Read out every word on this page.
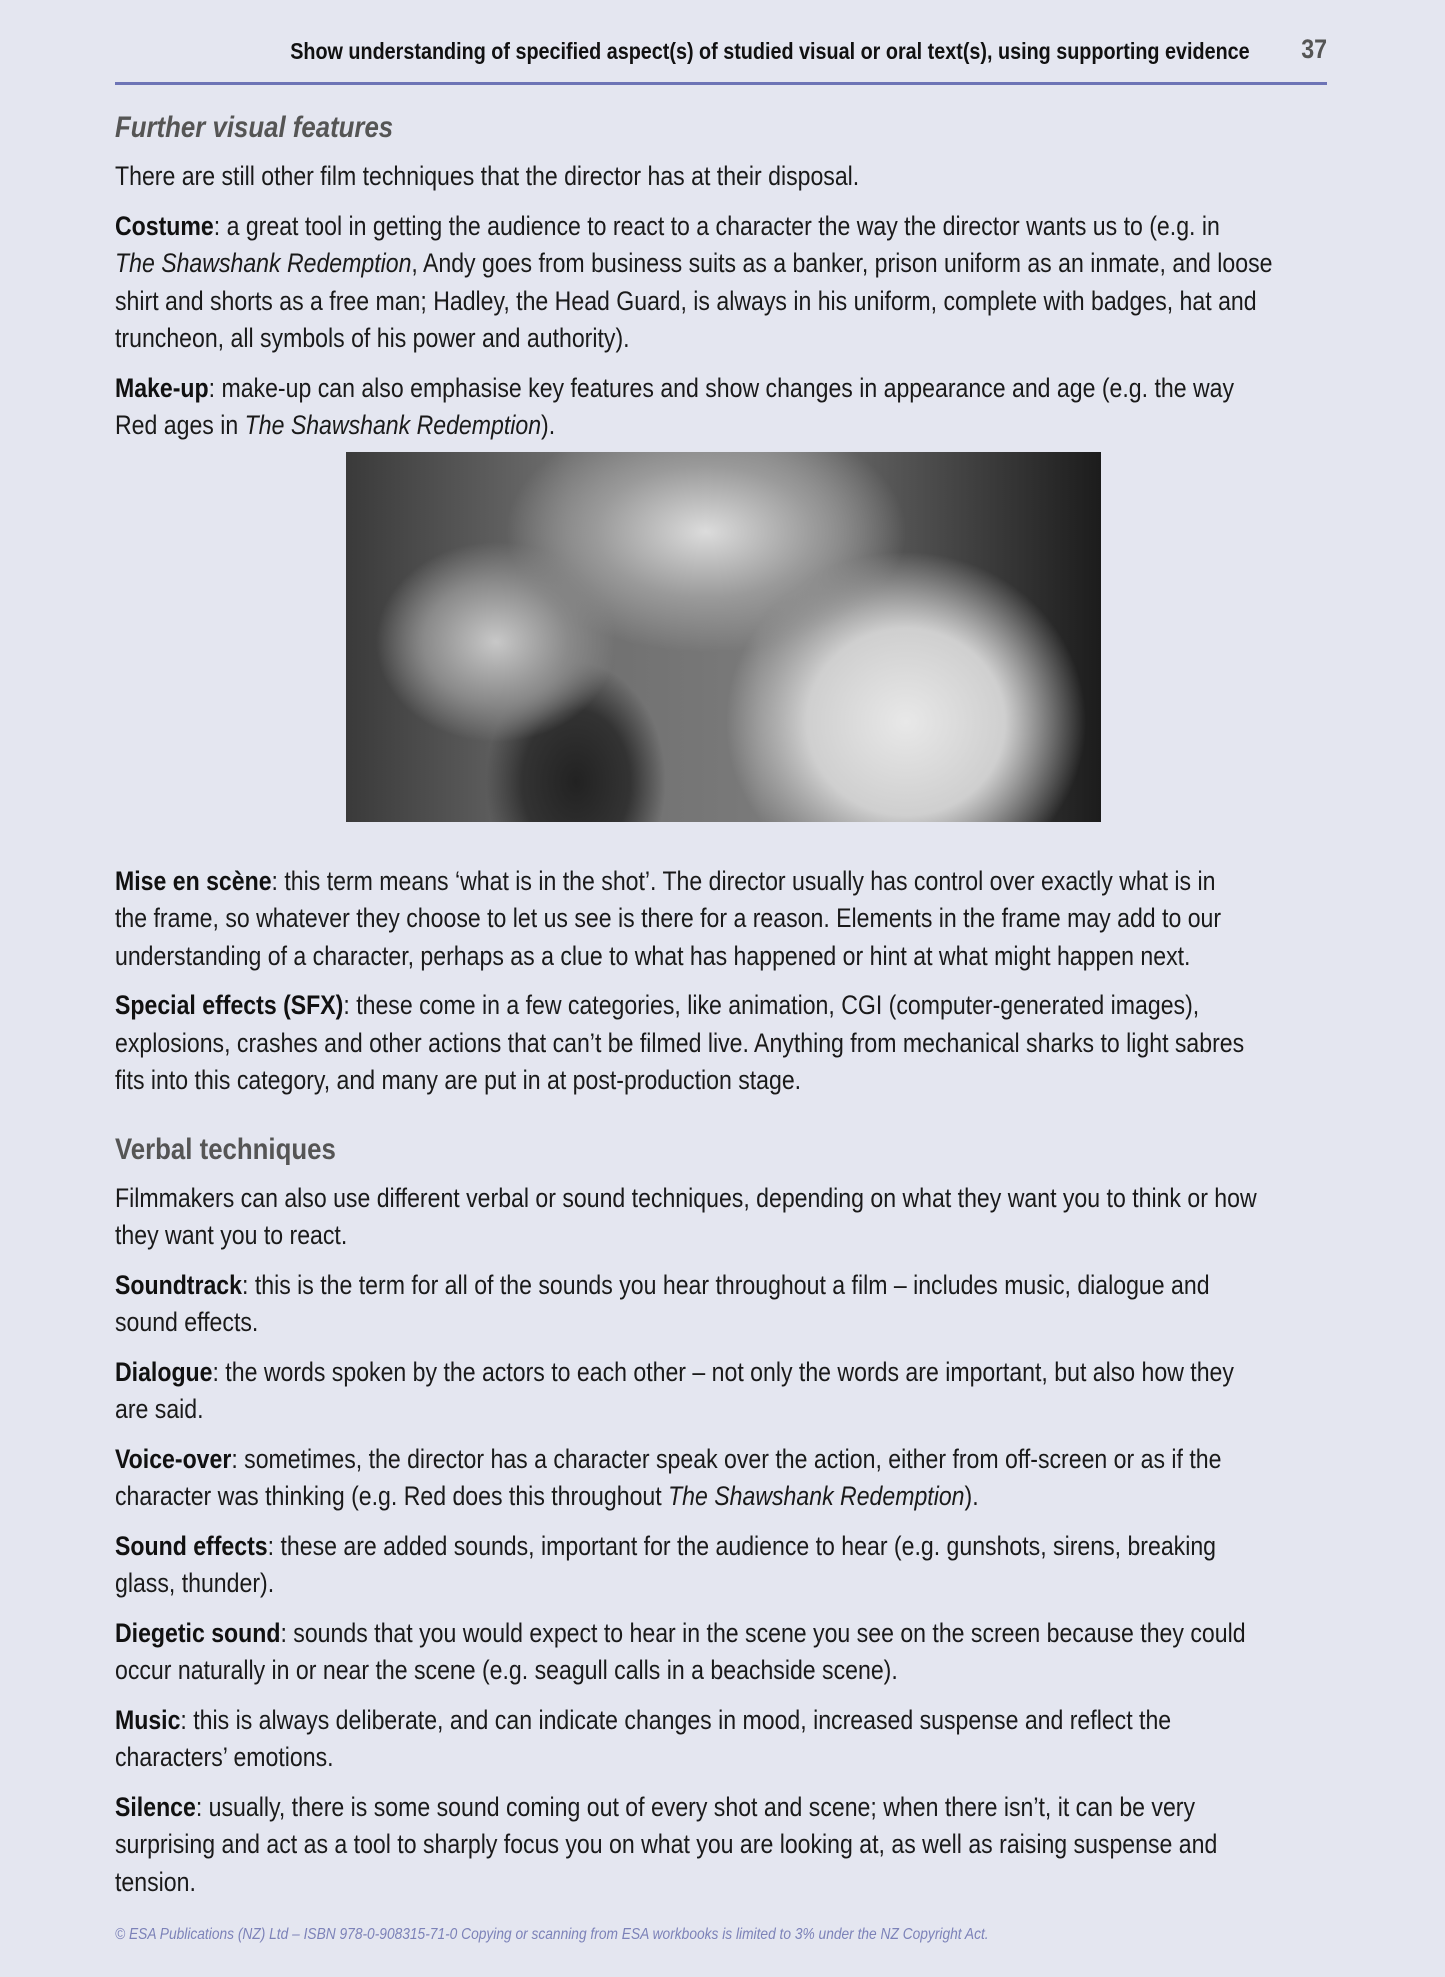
Show understanding of specified aspect(s) of studied visual or oral text(s), using supporting evidence 37
Further visual features

There are still other film techniques that the director has at their disposal.

Costume: a great tool in getting the audience to react to a character the way the director wants us to (e.g. in
The Shawshank Redemption, Andy goes from business suits as a banker, prison uniform as an inmate, and loose
shirt and shorts as a free man; Hadley, the Head Guard, is always in his uniform, complete with badges, hat and
truncheon, all symbols of his power and authority).

Make-up: make-up can also emphasise key features and show changes in appearance and age (e.g. the way
Red ages in The Shawshank Redemption).

Mise en scène: this term means ‘what is in the shot’. The director usually has control over exactly what is in
the frame, so whatever they choose to let us see is there for a reason. Elements in the frame may add to our
understanding of a character, perhaps as a clue to what has happened or hint at what might happen next.

Special effects (SFX): these come in a few categories, like animation, CGI (computer-generated images),
explosions, crashes and other actions that can’t be filmed live. Anything from mechanical sharks to light sabres
fits into this category, and many are put in at post-production stage.

Verbal techniques

Filmmakers can also use different verbal or sound techniques, depending on what they want you to think or how
they want you to react.

Soundtrack: this is the term for all of the sounds you hear throughout a film – includes music, dialogue and
sound effects.

Dialogue: the words spoken by the actors to each other – not only the words are important, but also how they
are said.

Voice-over: sometimes, the director has a character speak over the action, either from off-screen or as if the
character was thinking (e.g. Red does this throughout The Shawshank Redemption).

Sound effects: these are added sounds, important for the audience to hear (e.g. gunshots, sirens, breaking
glass, thunder).

Diegetic sound: sounds that you would expect to hear in the scene you see on the screen because they could
occur naturally in or near the scene (e.g. seagull calls in a beachside scene).

Music: this is always deliberate, and can indicate changes in mood, increased suspense and reflect the
characters’ emotions.

Silence: usually, there is some sound coming out of every shot and scene; when there isn’t, it can be very
surprising and act as a tool to sharply focus you on what you are looking at, as well as raising suspense and
tension.

© ESA Publications (NZ) Ltd – ISBN 978-0-908315-71-0 Copying or scanning from ESA workbooks is limited to 3% under the NZ Copyright Act.
